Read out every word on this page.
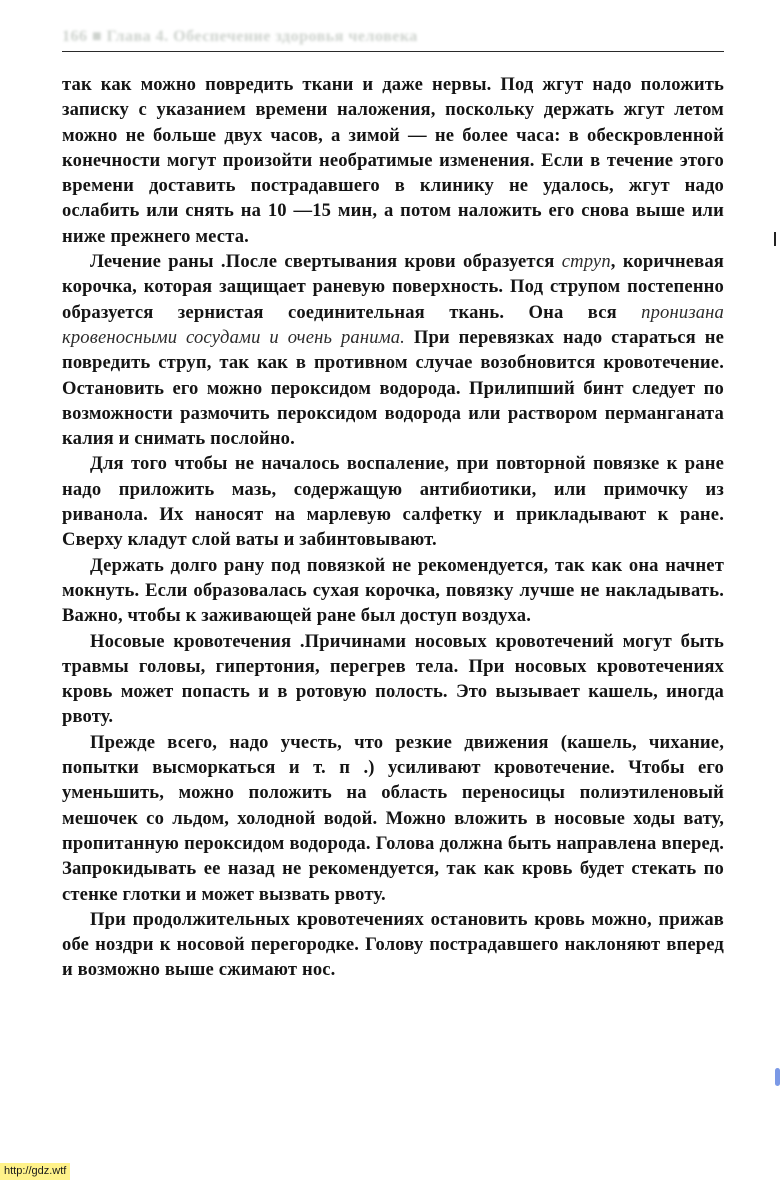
166 ■ Глава 4. Обеспечение здоровья человека

так как можно повредить ткани и даже нервы. Под жгут надо положить записку с указанием времени наложения, поскольку держать жгут летом можно не больше двух часов, а зимой — не более часа: в обескровленной конечности могут произойти необратимые изменения. Если в течение этого времени доставить пострадавшего в клинику не удалось, жгут надо ослабить или снять на 10 —15 мин, а потом наложить его снова выше или ниже прежнего места.

Лечение раны .После свертывания крови образуется струп, коричневая корочка, которая защищает раневую поверхность. Под струпом постепенно образуется зернистая соединительная ткань. Она вся пронизана кровеносными сосудами и очень ранима. При перевязках надо стараться не повредить струп, так как в противном случае возобновится кровотечение. Остановить его можно пероксидом водорода. Прилипший бинт следует по возможности размочить пероксидом водорода или раствором перманганата калия и снимать послойно.

Для того чтобы не началось воспаление, при повторной повязке к ране надо приложить мазь, содержащую антибиотики, или примочку из риванола. Их наносят на марлевую салфетку и прикладывают к ране. Сверху кладут слой ваты и забинтовывают.

Держать долго рану под повязкой не рекомендуется, так как она начнет мокнуть. Если образовалась сухая корочка, повязку лучше не накладывать. Важно, чтобы к заживающей ране был доступ воздуха.

Носовые кровотечения .Причинами носовых кровотечений могут быть травмы головы, гипертония, перегрев тела. При носовых кровотечениях кровь может попасть и в ротовую полость. Это вызывает кашель, иногда рвоту.

Прежде всего, надо учесть, что резкие движения (кашель, чихание, попытки высморкаться и т. п .) усиливают кровотечение. Чтобы его уменьшить, можно положить на область переносицы полиэтиленовый мешочек со льдом, холодной водой. Можно вложить в носовые ходы вату, пропитанную пероксидом водорода. Голова должна быть направлена вперед. Запрокидывать ее назад не рекомендуется, так как кровь будет стекать по стенке глотки и может вызвать рвоту.

При продолжительных кровотечениях остановить кровь можно, прижав обе ноздри к носовой перегородке. Голову пострадавшего наклоняют вперед и возможно выше сжимают нос.

http://gdz.wtf
